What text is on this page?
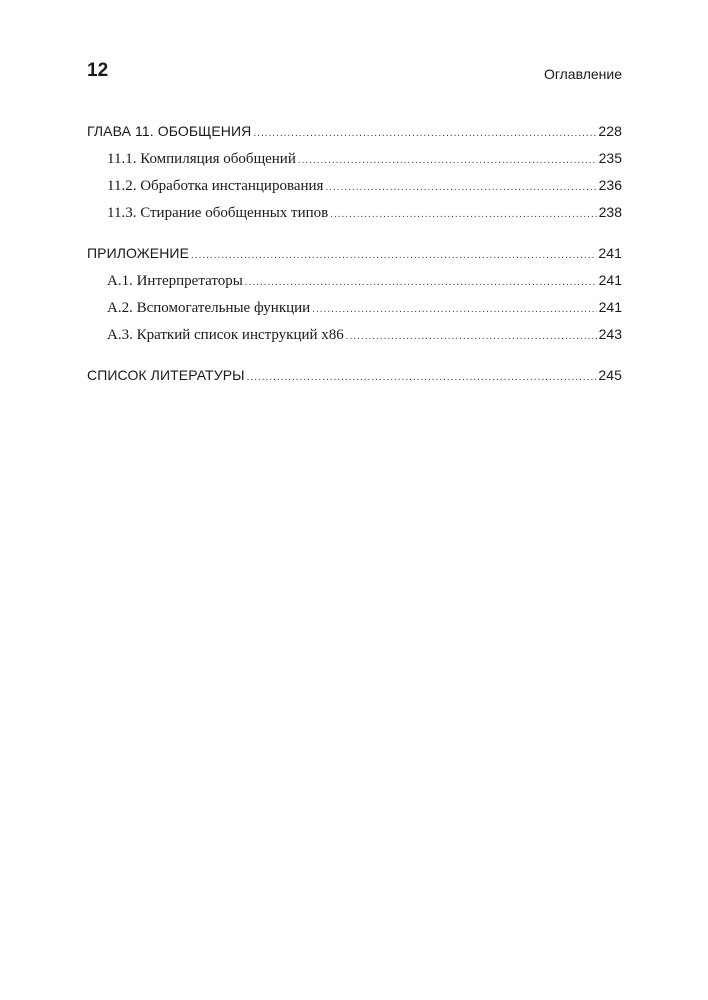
12	Оглавление
ГЛАВА 11. ОБОБЩЕНИЯ .....	228
11.1. Компиляция обобщений .....	235
11.2. Обработка инстанцирования .....	236
11.3. Стирание обобщенных типов .....	238
ПРИЛОЖЕНИЕ .....	241
А.1. Интерпретаторы .....	241
А.2. Вспомогательные функции .....	241
А.3. Краткий список инструкций x86 .....	243
СПИСОК ЛИТЕРАТУРЫ .....	245
